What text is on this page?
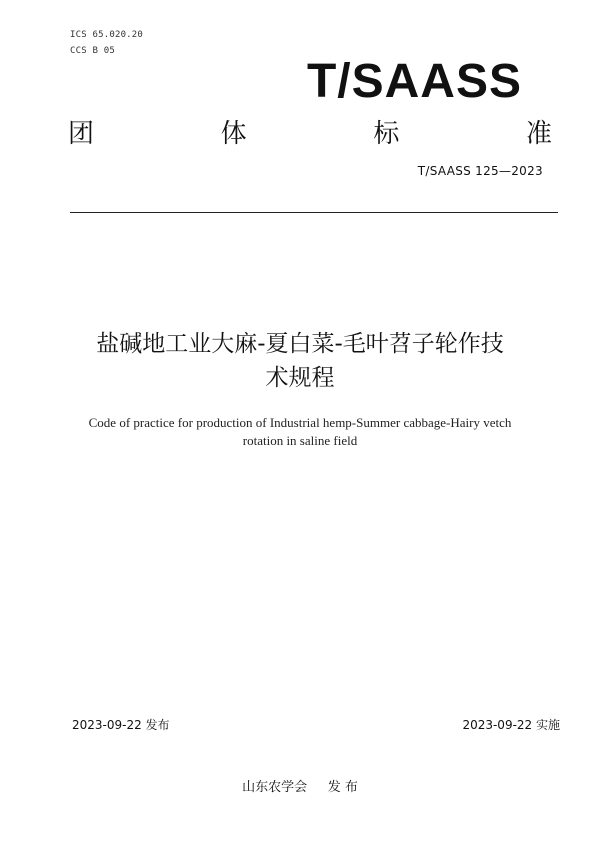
ICS 65.020.20
CCS B 05
T/SAASS
团	体	标	准
T/SAASS 125—2023
盐碱地工业大麻-夏白菜-毛叶苕子轮作技
术规程
Code of practice for production of Industrial hemp-Summer cabbage-Hairy vetch
rotation in saline field
2023-09-22 发布	2023-09-22 实施
山东农学会     发 布
